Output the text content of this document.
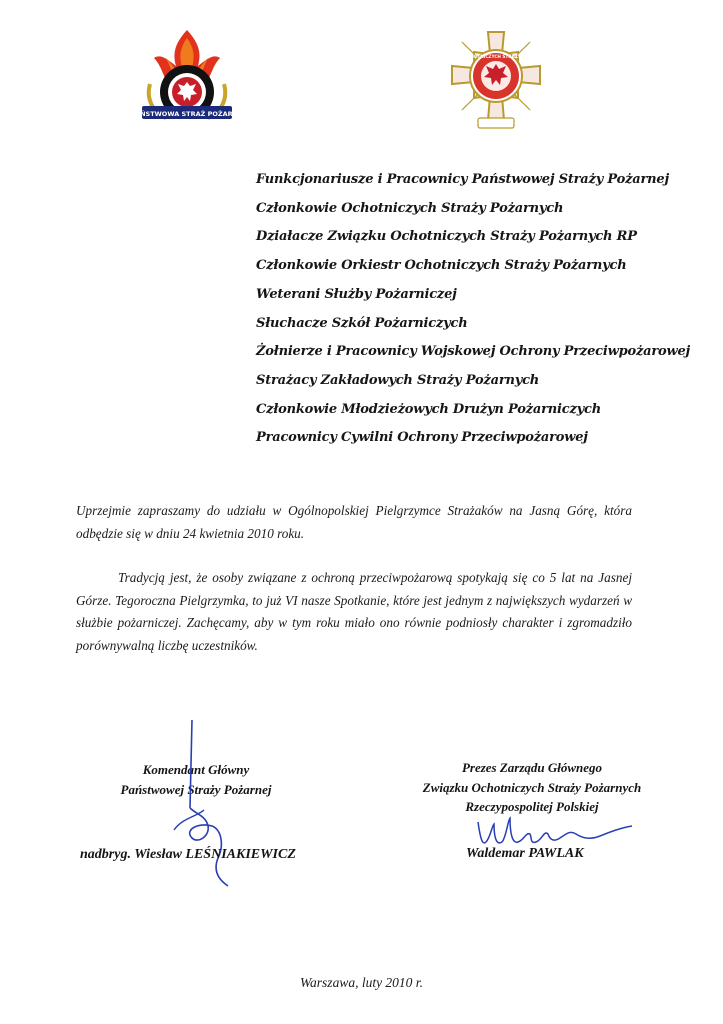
PAŃSTWOWA STRAŻ POŻARNA
ZWIĄZEK OCHOTNICZYCH STRAŻY POŻARNYCH
Funkcjonariusze i Pracownicy Państwowej Straży Pożarnej
Członkowie Ochotniczych Straży Pożarnych
Działacze Związku Ochotniczych Straży Pożarnych RP
Członkowie Orkiestr Ochotniczych Straży Pożarnych
Weterani Służby Pożarniczej
Słuchacze Szkół Pożarniczych
Żołnierze i Pracownicy Wojskowej Ochrony Przeciwpożarowej
Strażacy Zakładowych Straży Pożarnych
Członkowie Młodzieżowych Drużyn Pożarniczych
Pracownicy Cywilni Ochrony Przeciwpożarowej

Uprzejmie zapraszamy do udziału w Ogólnopolskiej Pielgrzymce Strażaków na Jasną Górę, która odbędzie się w dniu 24 kwietnia 2010 roku.

Tradycją jest, że osoby związane z ochroną przeciwpożarową spotykają się co 5 lat na Jasnej Górze. Tegoroczna Pielgrzymka, to już VI nasze Spotkanie, które jest jednym z największych wydarzeń w służbie pożarniczej. Zachęcamy, aby w tym roku miało ono równie podniosły charakter i zgromadziło porównywalną liczbę uczestników.

Komendant Główny
Państwowej Straży Pożarnej
nadbryg. Wiesław LEŚNIAKIEWICZ
Prezes Zarządu Głównego
Związku Ochotniczych Straży Pożarnych
Rzeczypospolitej Polskiej
Waldemar PAWLAK
Warszawa, luty 2010 r.
